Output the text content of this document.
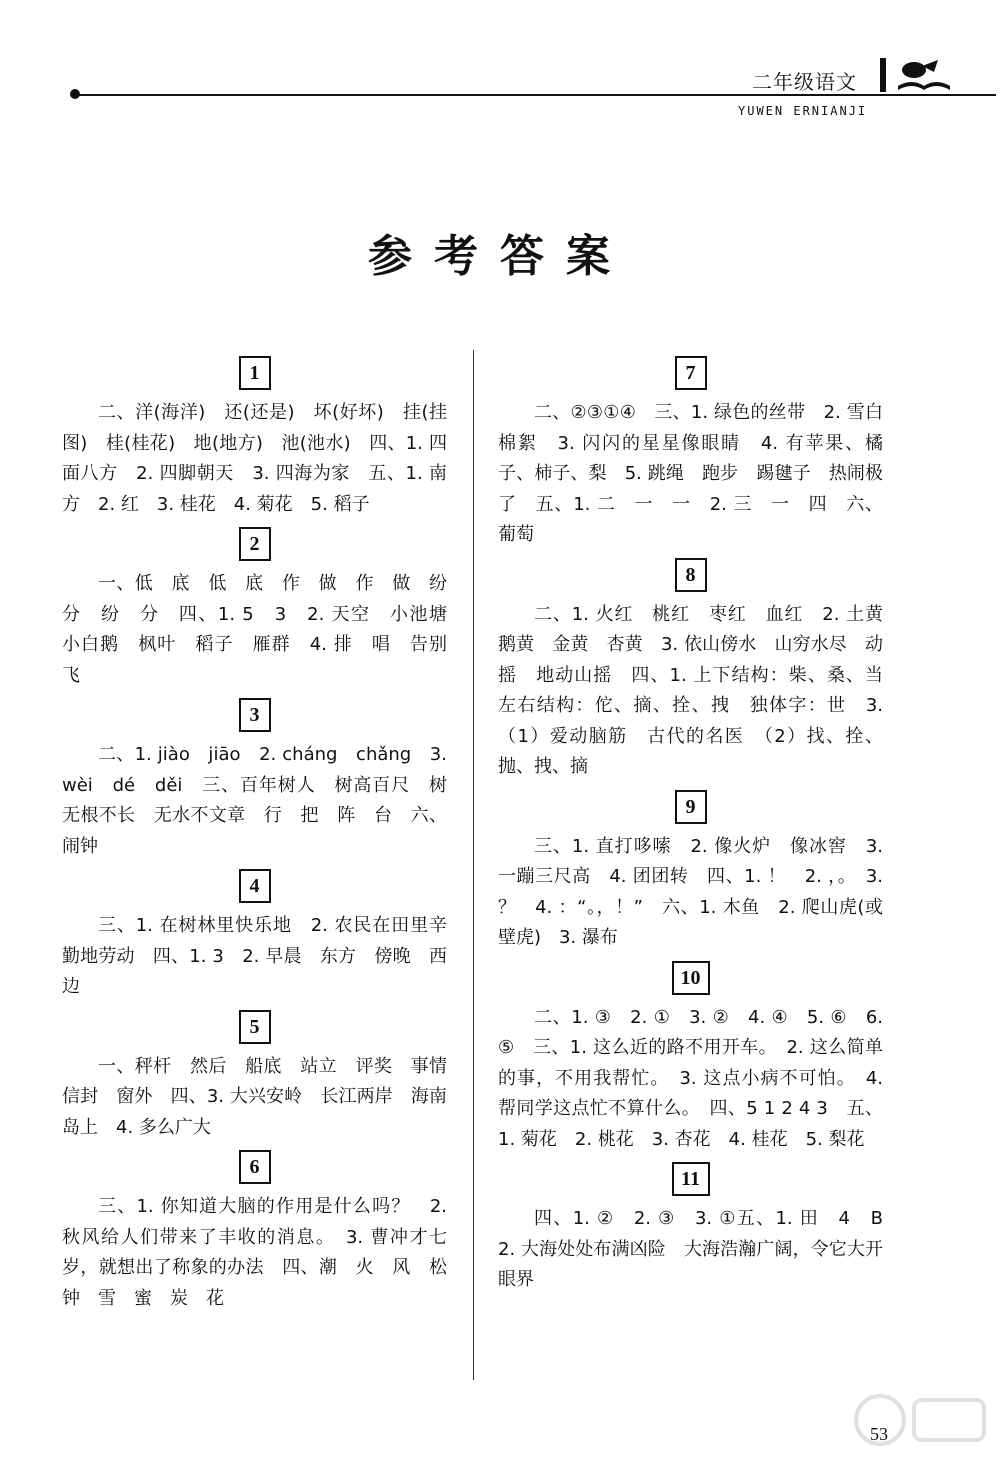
二年级语文
YUWEN ERNIANJI
参考答案
1
二、洋(海洋)　还(还是)　坏(好坏)　挂(挂图)　桂(桂花)　地(地方)　池(池水)　四、1. 四面八方　2. 四脚朝天　3. 四海为家　五、1. 南方　2. 红　3. 桂花　4. 菊花　5. 稻子
2
一、低　底　低　底　作　做　作　做　纷　分　纷　分　四、1. 5　3　2. 天空　小池塘　小白鹅　枫叶　稻子　雁群　4. 排　唱　告别　飞
3
二、1. jiào　jiāo　2. cháng　chǎng　3. wèi　dé　děi　三、百年树人　树高百尺　树无根不长　无水不文章　行　把　阵　台　六、闹钟
4
三、1. 在树林里快乐地　2. 农民在田里辛勤地劳动　四、1. 3　2. 早晨　东方　傍晚　西边
5
一、秤杆　然后　船底　站立　评奖　事情　信封　窗外　四、3. 大兴安岭　长江两岸　海南岛上　4. 多么广大
6
三、1. 你知道大脑的作用是什么吗？　2. 秋风给人们带来了丰收的消息。　3. 曹冲才七岁，就想出了称象的办法　四、潮　火　风　松　钟　雪　蜜　炭　花
7
二、②③①④　三、1. 绿色的丝带　2. 雪白　棉絮　3. 闪闪的星星像眼睛　4. 有苹果、橘子、柿子、梨　5. 跳绳　跑步　踢毽子　热闹极了　五、1. 二　一　一　2. 三　一　四　六、葡萄
8
二、1. 火红　桃红　枣红　血红　2. 土黄　鹅黄　金黄　杏黄　3. 依山傍水　山穷水尽　动摇　地动山摇　四、1. 上下结构：柴、桑、当　左右结构：佗、摘、拴、拽　独体字：世　3.（1）爱动脑筋　古代的名医　（2）找、拴、抛、拽、摘
9
三、1. 直打哆嗦　2. 像火炉　像冰窖　3. 一蹦三尺高　4. 团团转　四、1. ！　2. ，。　3. ？　4. ：“。，！”　六、1. 木鱼　2. 爬山虎(或壁虎)　3. 瀑布
10
二、1. ③　2. ①　3. ②　4. ④　5. ⑥　6. ⑤　三、1. 这么近的路不用开车。　2. 这么简单的事，不用我帮忙。　3. 这点小病不可怕。　4. 帮同学这点忙不算什么。　四、5 1 2 4 3　五、1. 菊花　2. 桃花　3. 杏花　4. 桂花　5. 梨花
11
四、1. ②　2. ③　3. ①五、1. 田　4　B　2. 大海处处布满凶险　大海浩瀚广阔，令它大开眼界
53
